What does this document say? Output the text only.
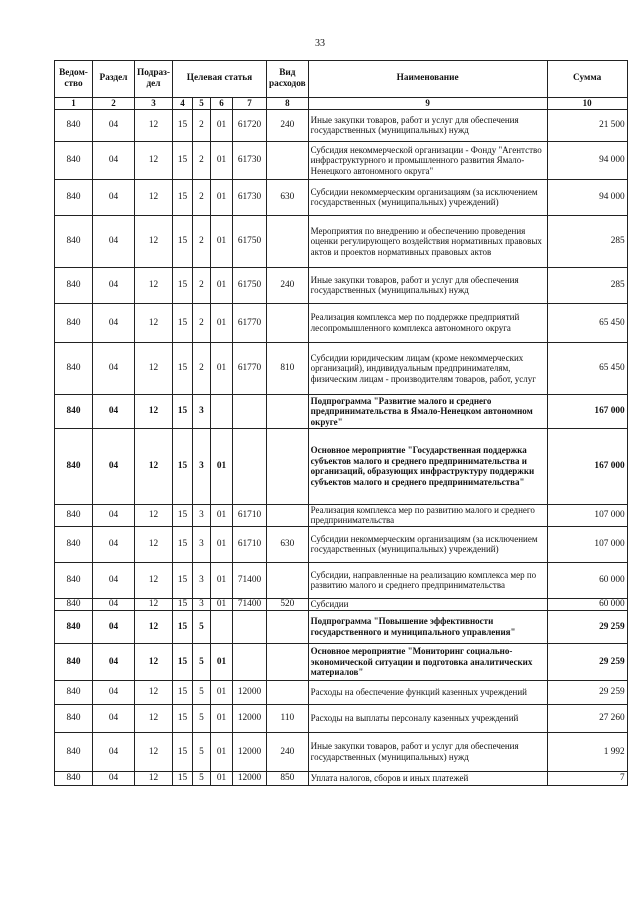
33
Ведом-ство	Раздел	Подраз-дел	Целевая статья				Вид расходов	Наименование	Сумма
1	2	3	4	5	6	7	8	9	10
840	04	12	15	2	01	61720	240	Иные закупки товаров, работ и услуг для обеспечения государственных (муниципальных) нужд	21 500
840	04	12	15	2	01	61730		Субсидия некоммерческой организации - Фонду "Агентство инфраструктурного и промышленного развития Ямало-Ненецкого автономного округа"	94 000
840	04	12	15	2	01	61730	630	Субсидии некоммерческим организациям (за исключением государственных (муниципальных) учреждений)	94 000
840	04	12	15	2	01	61750		Мероприятия по внедрению и обеспечению проведения оценки регулирующего воздействия нормативных правовых актов и проектов нормативных правовых актов	285
840	04	12	15	2	01	61750	240	Иные закупки товаров, работ и услуг для обеспечения государственных (муниципальных) нужд	285
840	04	12	15	2	01	61770		Реализация комплекса мер по поддержке предприятий лесопромышленного комплекса автономного округа	65 450
840	04	12	15	2	01	61770	810	Субсидии юридическим лицам (кроме некоммерческих организаций), индивидуальным предпринимателям, физическим лицам - производителям товаров, работ, услуг	65 450
840	04	12	15	3				Подпрограмма "Развитие малого и среднего предпринимательства в Ямало-Ненецком автономном округе"	167 000
840	04	12	15	3	01			Основное мероприятие "Государственная поддержка субъектов малого и среднего предпринимательства и организаций, образующих инфраструктуру поддержки субъектов малого и среднего предпринимательства"	167 000
840	04	12	15	3	01	61710		Реализация комплекса мер по развитию малого и среднего предпринимательства	107 000
840	04	12	15	3	01	61710	630	Субсидии некоммерческим организациям (за исключением государственных (муниципальных) учреждений)	107 000
840	04	12	15	3	01	71400		Субсидии, направленные на реализацию комплекса мер по развитию малого и среднего предпринимательства	60 000
840	04	12	15	3	01	71400	520	Субсидии	60 000
840	04	12	15	5				Подпрограмма "Повышение эффективности государственного и муниципального управления"	29 259
840	04	12	15	5	01			Основное мероприятие "Мониторинг социально-экономической ситуации и подготовка аналитических материалов"	29 259
840	04	12	15	5	01	12000		Расходы на обеспечение функций казенных учреждений	29 259
840	04	12	15	5	01	12000	110	Расходы на выплаты персоналу казенных учреждений	27 260
840	04	12	15	5	01	12000	240	Иные закупки товаров, работ и услуг для обеспечения государственных (муниципальных) нужд	1 992
840	04	12	15	5	01	12000	850	Уплата налогов, сборов и иных платежей	7
